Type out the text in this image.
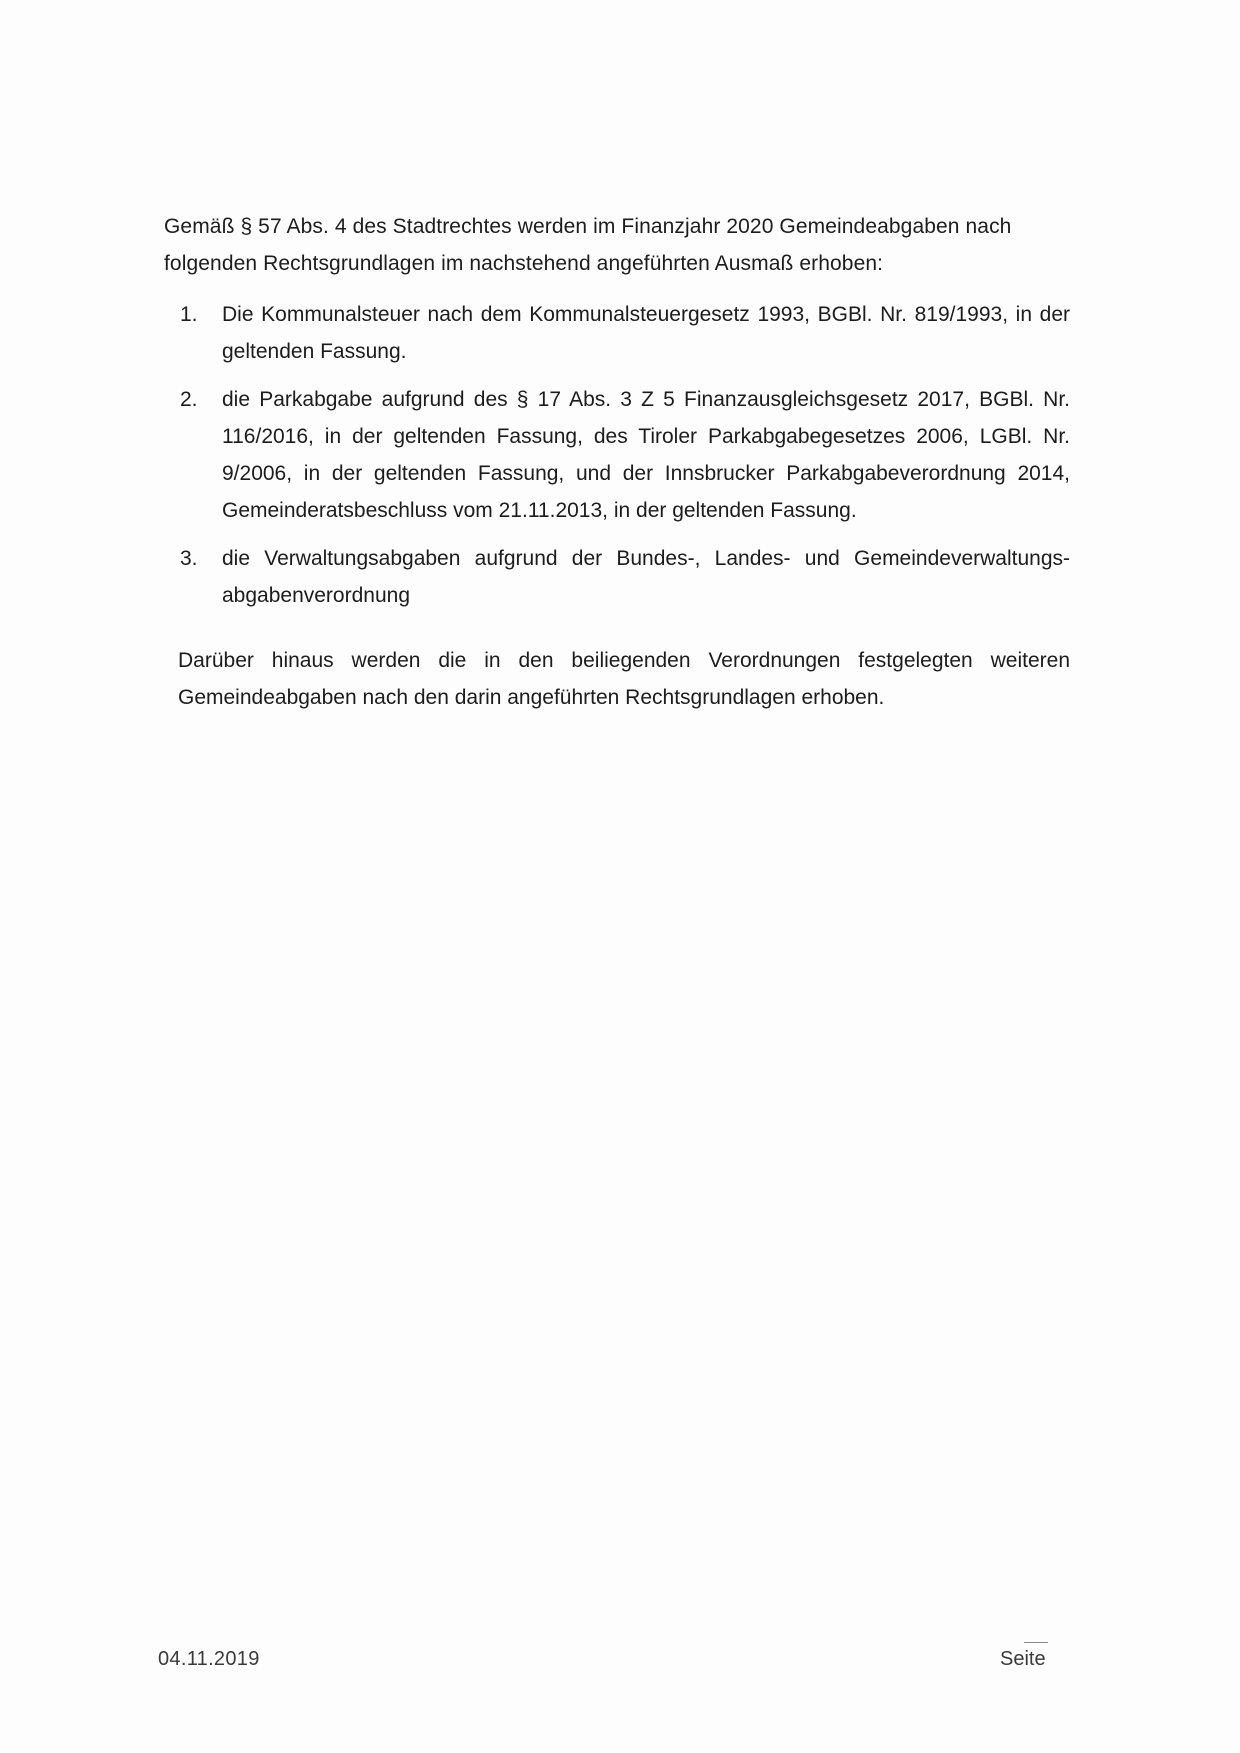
Gemäß § 57 Abs. 4 des Stadtrechtes werden im Finanzjahr 2020 Gemeindeabgaben nach folgenden Rechtsgrundlagen im nachstehend angeführten Ausmaß erhoben:

1.	Die Kommunalsteuer nach dem Kommunalsteuergesetz 1993, BGBl. Nr. 819/1993, in der geltenden Fassung.
2.	die Parkabgabe aufgrund des § 17 Abs. 3 Z 5 Finanzausgleichsgesetz 2017, BGBl. Nr. 116/2016, in der geltenden Fassung, des Tiroler Parkabgabegesetzes 2006, LGBl. Nr. 9/2006, in der geltenden Fassung, und der Innsbrucker Parkabgabeverordnung 2014, Gemeinderatsbeschluss vom 21.11.2013, in der geltenden Fassung.
3.	die Verwaltungsabgaben aufgrund der Bundes-, Landes- und Gemeindeverwaltungs-abgabenverordnung

Darüber hinaus werden die in den beiliegenden Verordnungen festgelegten weiteren Gemeindeabgaben nach den darin angeführten Rechtsgrundlagen erhoben.

04.11.2019	Seite
